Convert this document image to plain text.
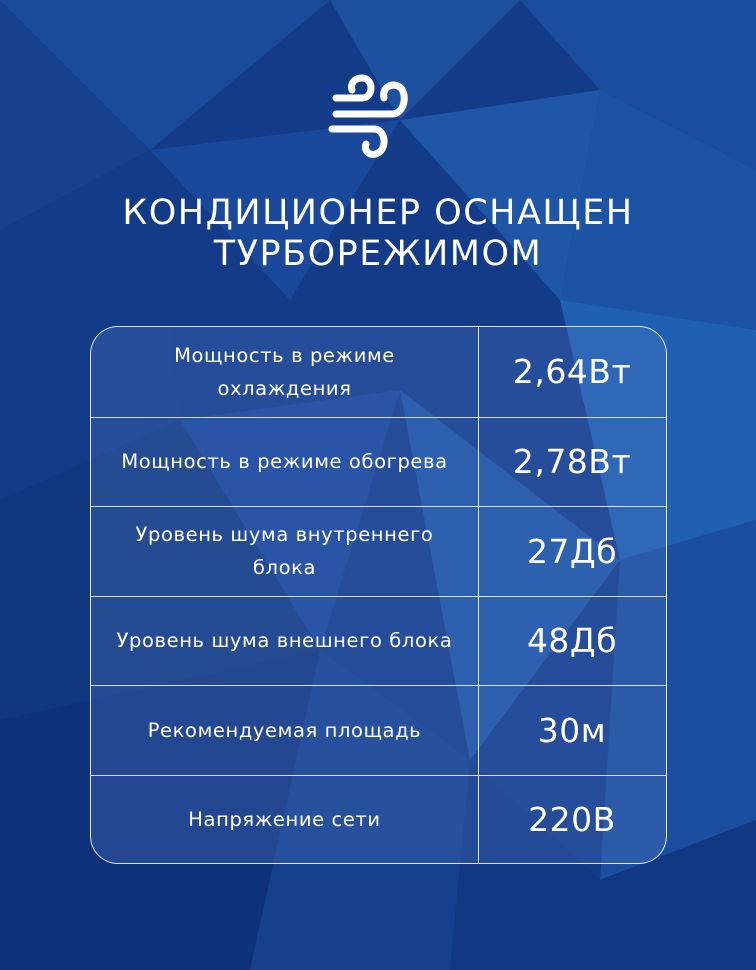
КОНДИЦИОНЕР ОСНАЩЕН
ТУРБОРЕЖИМОМ
Мощность в режиме охлаждения	2,64Вт
Мощность в режиме обогрева	2,78Вт
Уровень шума внутреннего блока	27Дб
Уровень шума внешнего блока	48Дб
Рекомендуемая площадь	30м
Напряжение сети	220В
